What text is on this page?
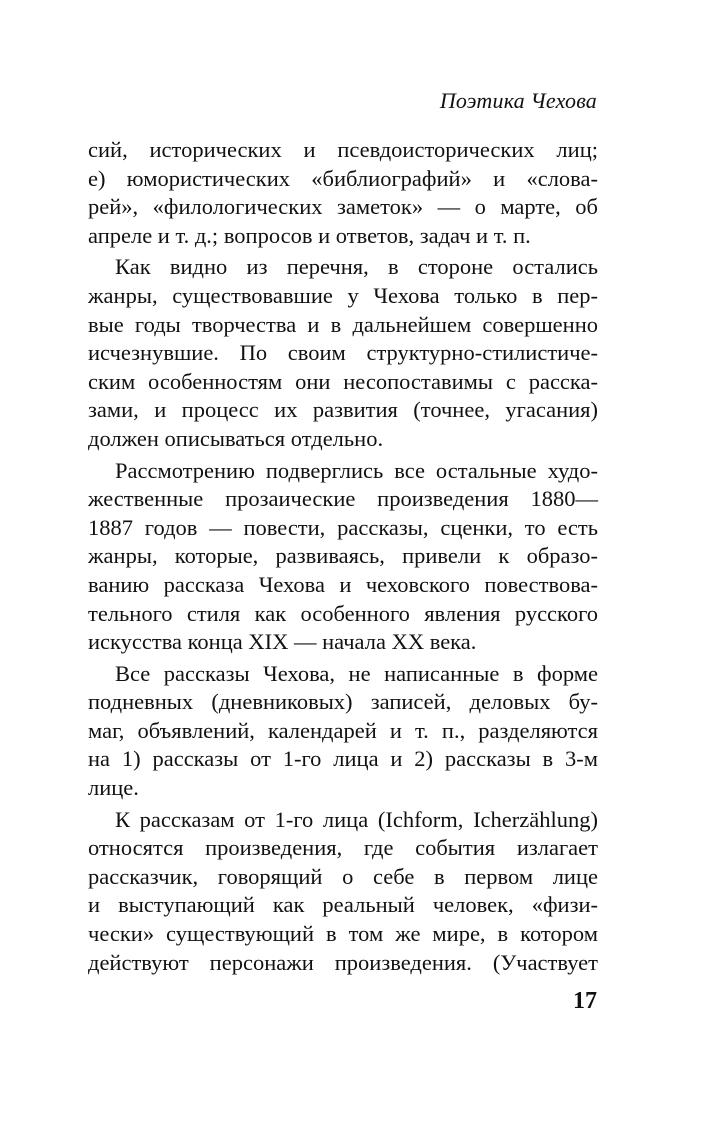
Поэтика Чехова
сий, исторических и псевдоисторических лиц;
е) юмористических «библиографий» и «слова-
рей», «филологических заметок» — о марте, об
апреле и т. д.; вопросов и ответов, задач и т. п.
Как видно из перечня, в стороне остались
жанры, существовавшие у Чехова только в пер-
вые годы творчества и в дальнейшем совершенно
исчезнувшие. По своим структурно-стилистиче-
ским особенностям они несопоставимы с расска-
зами, и процесс их развития (точнее, угасания)
должен описываться отдельно.
Рассмотрению подверглись все остальные худо-
жественные прозаические произведения 1880—
1887 годов — повести, рассказы, сценки, то есть
жанры, которые, развиваясь, привели к образо-
ванию рассказа Чехова и чеховского повествова-
тельного стиля как особенного явления русского
искусства конца XIX — начала XX века.
Все рассказы Чехова, не написанные в форме
подневных (дневниковых) записей, деловых бу-
маг, объявлений, календарей и т. п., разделяются
на 1) рассказы от 1-го лица и 2) рассказы в 3-м
лице.
К рассказам от 1-го лица (Ichform, Icherzählung)
относятся произведения, где события излагает
рассказчик, говорящий о себе в первом лице
и выступающий как реальный человек, «физи-
чески» существующий в том же мире, в котором
действуют персонажи произведения. (Участвует
17
